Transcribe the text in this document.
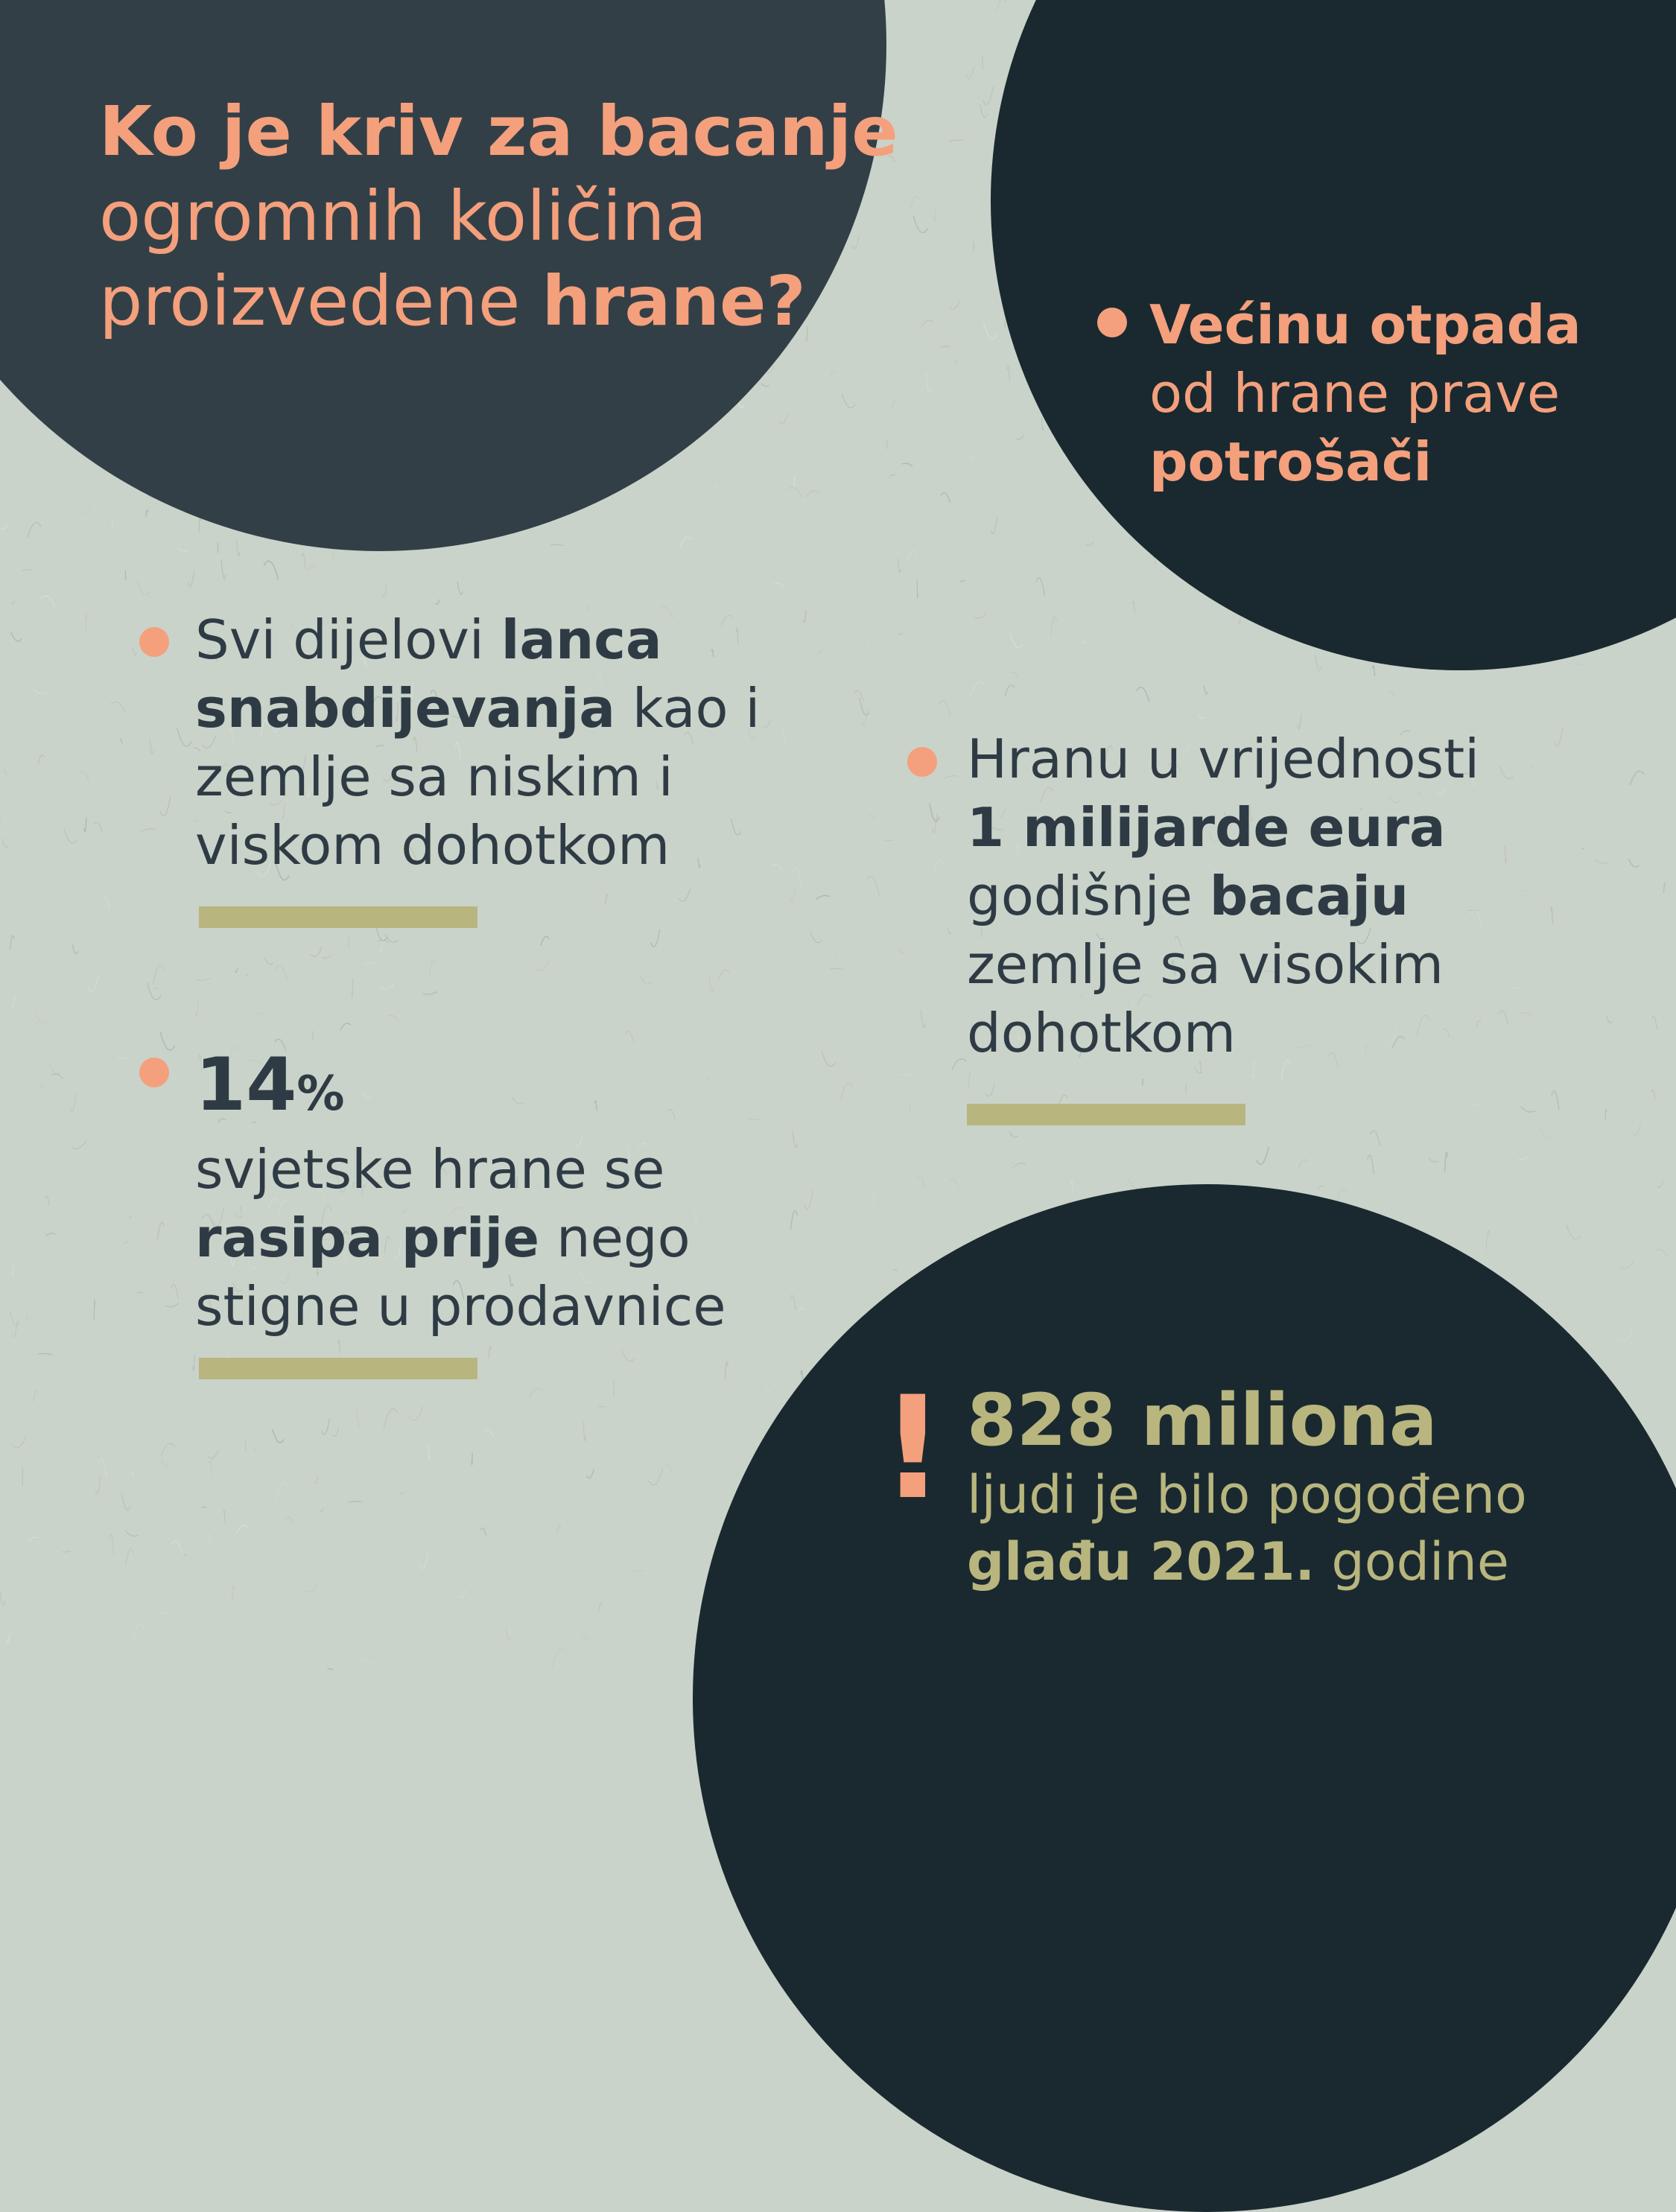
Ko je kriv za bacanje
ogromnih količina
proizvedene hrane?	Većinu otpada
od hrane prave
potrošači
Svi dijelovi lanca
snabdijevanja kao i
zemlje sa niskim i
viskom dohotkom
Hranu u vrijednosti
1 milijarde eura
godišnje bacaju
zemlje sa visokim
dohotkom
14%
svjetske hrane se
rasipa prije nego
stigne u prodavnice
! 828 miliona
ljudi je bilo pogođeno
glađu 2021. godine
